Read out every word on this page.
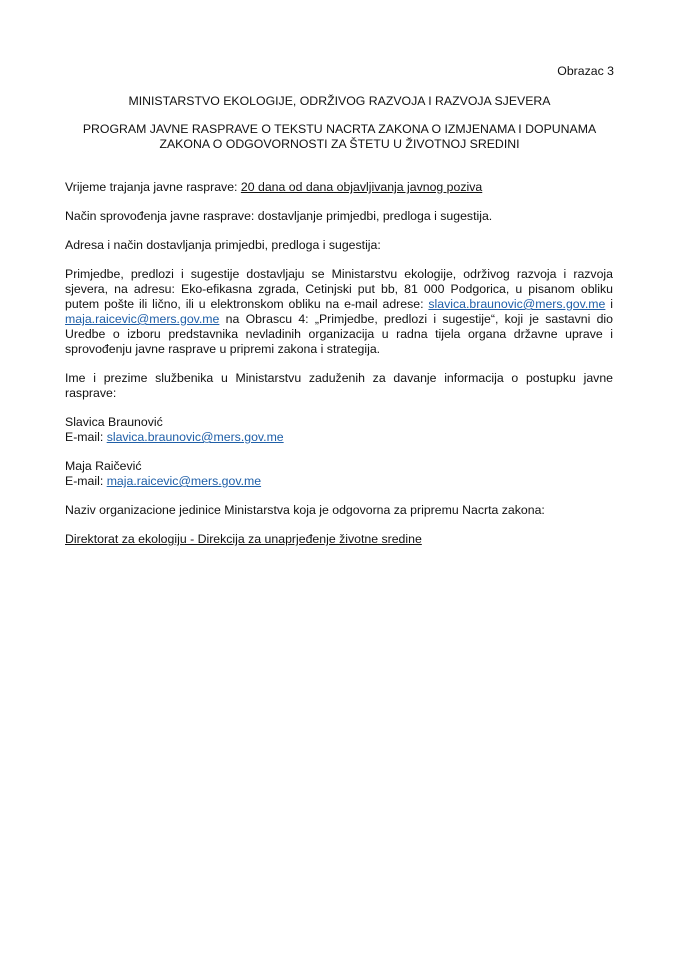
Obrazac 3
MINISTARSTVO EKOLOGIJE, ODRŽIVOG RAZVOJA I RAZVOJA SJEVERA
PROGRAM JAVNE RASPRAVE O TEKSTU NACRTA ZAKONA O IZMJENAMA I DOPUNAMA
ZAKONA O ODGOVORNOSTI ZA ŠTETU U ŽIVOTNOJ SREDINI

Vrijeme trajanja javne rasprave: 20 dana od dana objavljivanja javnog poziva

Način sprovođenja javne rasprave: dostavljanje primjedbi, predloga i sugestija.

Adresa i način dostavljanja primjedbi, predloga i sugestija:

Primjedbe, predlozi i sugestije dostavljaju se Ministarstvu ekologije, održivog razvoja i razvoja sjevera, na adresu: Eko-efikasna zgrada, Cetinjski put bb, 81 000 Podgorica, u pisanom obliku putem pošte ili lično, ili u elektronskom obliku na e-mail adrese: slavica.braunovic@mers.gov.me i maja.raicevic@mers.gov.me na Obrascu 4: „Primjedbe, predlozi i sugestije“, koji je sastavni dio Uredbe o izboru predstavnika nevladinih organizacija u radna tijela organa državne uprave i sprovođenju javne rasprave u pripremi zakona i strategija.

Ime i prezime službenika u Ministarstvu zaduženih za davanje informacija o postupku javne rasprave:

Slavica Braunović

E-mail: slavica.braunovic@mers.gov.me

Maja Raičević

E-mail: maja.raicevic@mers.gov.me

Naziv organizacione jedinice Ministarstva koja je odgovorna za pripremu Nacrta zakona:

Direktorat za ekologiju - Direkcija za unaprjeđenje životne sredine
